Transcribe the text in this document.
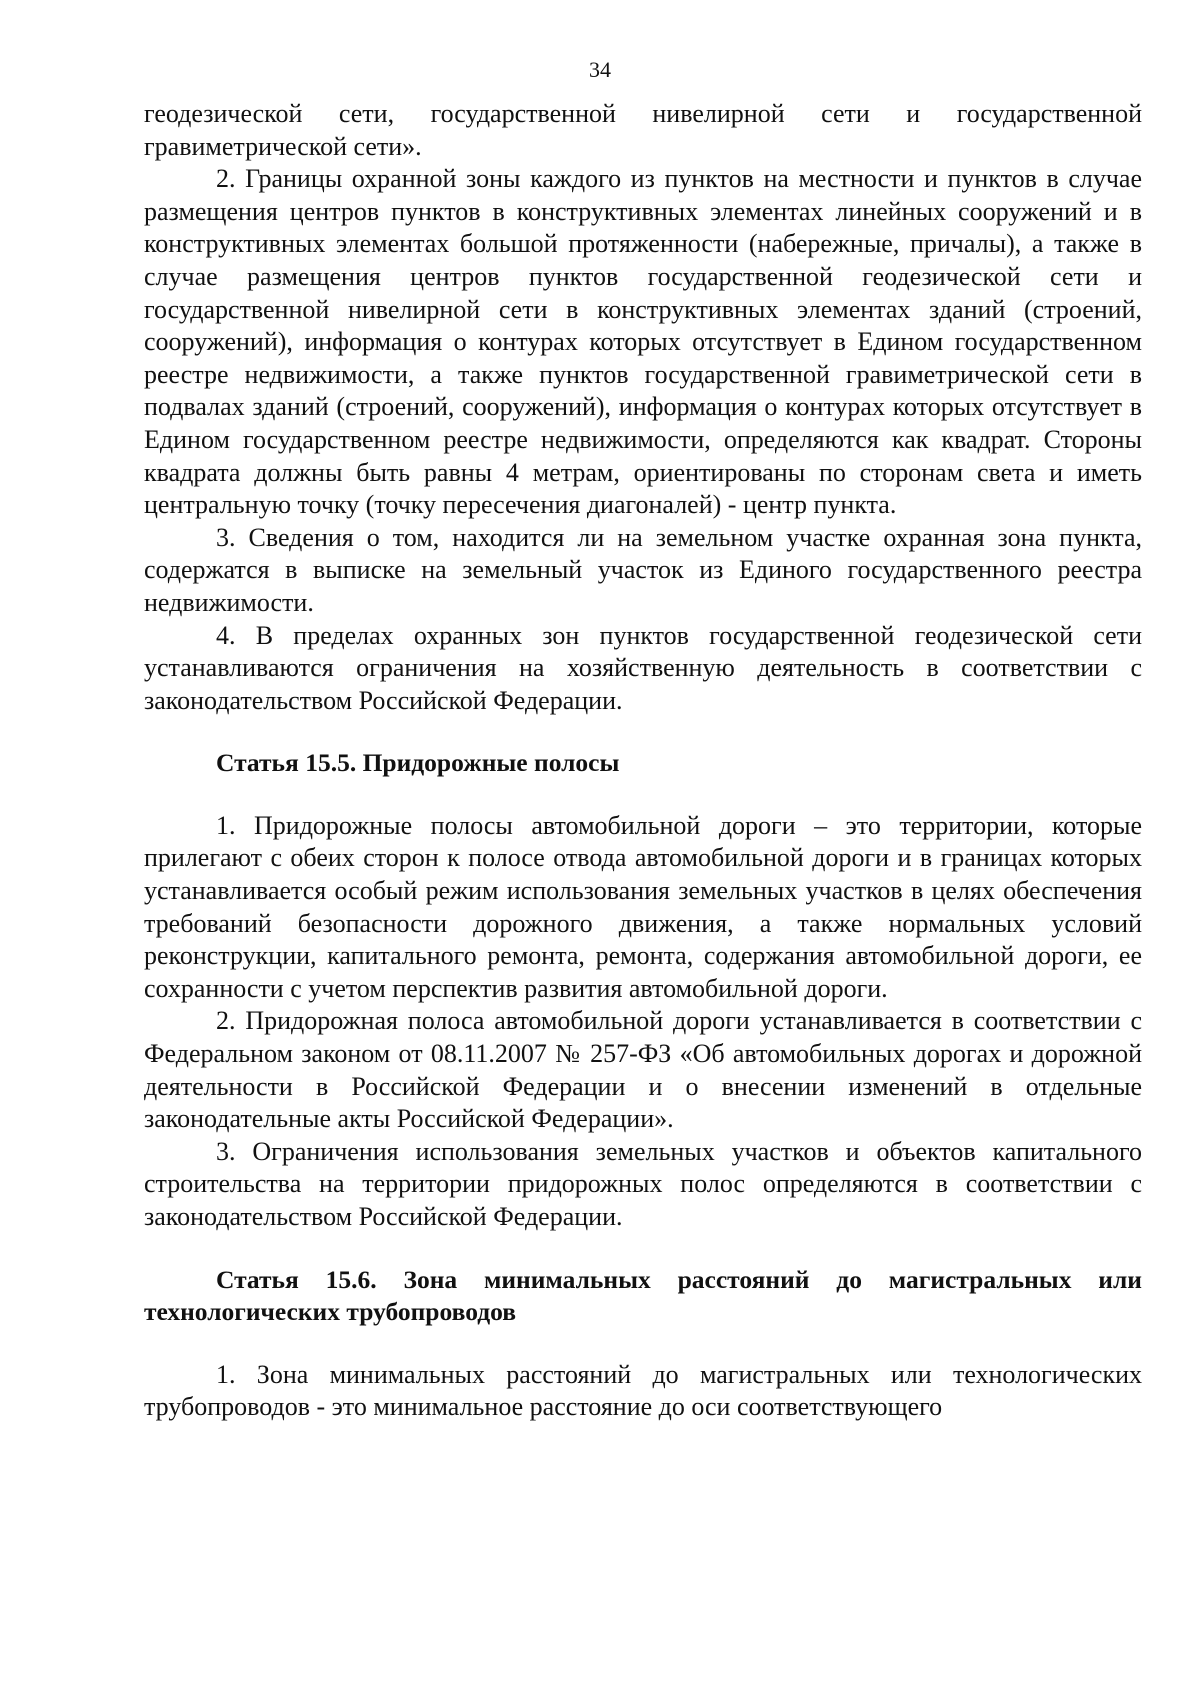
34

геодезической сети, государственной нивелирной сети и государственной гравиметрической сети».

2. Границы охранной зоны каждого из пунктов на местности и пунктов в случае размещения центров пунктов в конструктивных элементах линейных сооружений и в конструктивных элементах большой протяженности (набережные, причалы), а также в случае размещения центров пунктов государственной геодезической сети и государственной нивелирной сети в конструктивных элементах зданий (строений, сооружений), информация о контурах которых отсутствует в Едином государственном реестре недвижимости, а также пунктов государственной гравиметрической сети в подвалах зданий (строений, сооружений), информация о контурах которых отсутствует в Едином государственном реестре недвижимости, определяются как квадрат. Стороны квадрата должны быть равны 4 метрам, ориентированы по сторонам света и иметь центральную точку (точку пересечения диагоналей) - центр пункта.

3. Сведения о том, находится ли на земельном участке охранная зона пункта, содержатся в выписке на земельный участок из Единого государственного реестра недвижимости.

4. В пределах охранных зон пунктов государственной геодезической сети устанавливаются ограничения на хозяйственную деятельность в соответствии с законодательством Российской Федерации.

Статья 15.5. Придорожные полосы

1. Придорожные полосы автомобильной дороги – это территории, которые прилегают с обеих сторон к полосе отвода автомобильной дороги и в границах которых устанавливается особый режим использования земельных участков в целях обеспечения требований безопасности дорожного движения, а также нормальных условий реконструкции, капитального ремонта, ремонта, содержания автомобильной дороги, ее сохранности с учетом перспектив развития автомобильной дороги.

2. Придорожная полоса автомобильной дороги устанавливается в соответствии с Федеральном законом от 08.11.2007 № 257-ФЗ «Об автомобильных дорогах и дорожной деятельности в Российской Федерации и о внесении изменений в отдельные законодательные акты Российской Федерации».

3. Ограничения использования земельных участков и объектов капитального строительства на территории придорожных полос определяются в соответствии с законодательством Российской Федерации.

Статья 15.6. Зона минимальных расстояний до магистральных или технологических трубопроводов

1. Зона минимальных расстояний до магистральных или технологических трубопроводов - это минимальное расстояние до оси соответствующего
